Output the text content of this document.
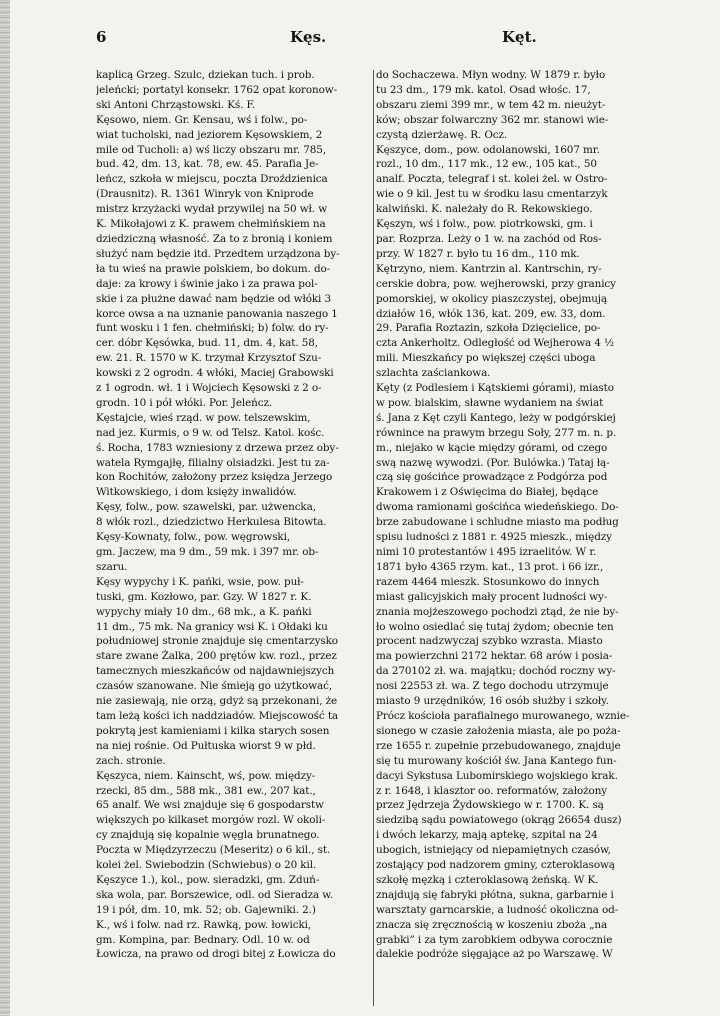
6	Kęs.	Kęt.
kaplicą Grzeg. Szulc, dziekan tuch. i prob.
jeleńcki; portatyl konsekr. 1762 opat koronow-
ski Antoni Chrząstowski. Kś. F.
Kęsowo, niem. Gr. Kensau, wś i folw., po-
wiat tucholski, nad jeziorem Kęsowskiem, 2
mile od Tucholi: a) wś liczy obszaru mr. 785,
bud. 42, dm. 13, kat. 78, ew. 45. Parafia Je-
leńcz, szkoła w miejscu, poczta Droździenica
(Drausnitz). R. 1361 Winryk von Kniprode
mistrz krzyżacki wydał przywilej na 50 wł. w
K. Mikołajowi z K. prawem chełmińskiem na
dziedziczną własność. Za to z bronią i koniem
służyć nam będzie itd. Przedtem urządzona by-
ła tu wieś na prawie polskiem, bo dokum. do-
daje: za krowy i świnie jako i za prawa pol-
skie i za płużne dawać nam będzie od włóki 3
korce owsa a na uznanie panowania naszego 1
funt wosku i 1 fen. chełmiński; b) folw. do ry-
cer. dóbr Kęsówka, bud. 11, dm. 4, kat. 58,
ew. 21. R. 1570 w K. trzymał Krzysztof Szu-
kowski z 2 ogrodn. 4 włóki, Maciej Grabowski
z 1 ogrodn. wł. 1 i Wojciech Kęsowski z 2 o-
grodn. 10 i pół włóki. Por. Jeleńcz.
Kęstajcie, wieś rząd. w pow. telszewskim,
nad jez. Kurmis, o 9 w. od Telsz. Katol. kośc.
ś. Rocha, 1783 wzniesiony z drzewa przez oby-
watela Rymgajłę, filialny olsiadzki. Jest tu za-
kon Rochitów, założony przez księdza Jerzego
Witkowskiego, i dom księży inwalidów.
Kęsy, folw., pow. szawelski, par. użwencka,
8 włók rozl., dziedzictwo Herkulesa Bitowta.
Kęsy-Kownaty, folw., pow. węgrowski,
gm. Jaczew, ma 9 dm., 59 mk. i 397 mr. ob-
szaru.
Kęsy wypychy i K. pańki, wsie, pow. puł-
tuski, gm. Kozłowo, par. Gzy. W 1827 r. K.
wypychy miały 10 dm., 68 mk., a K. pańki
11 dm., 75 mk. Na granicy wsi K. i Ołdaki ku
południowej stronie znajduje się cmentarzysko
stare zwane Żalka, 200 prętów kw. rozl., przez
tamecznych mieszkańców od najdawniejszych
czasów szanowane. Nie śmieją go użytkować,
nie zasiewają, nie orzą, gdyż są przekonani, że
tam leżą kości ich naddziadów. Miejscowość ta
pokrytą jest kamieniami i kilka starych sosen
na niej rośnie. Od Pułtuska wiorst 9 w płd.
zach. stronie.
Kęszyca, niem. Kainscht, wś, pow. między-
rzecki, 85 dm., 588 mk., 381 ew., 207 kat.,
65 analf. We wsi znajduje się 6 gospodarstw
większych po kilkaset morgów rozl. W okoli-
cy znajdują się kopalnie węgla brunatnego.
Poczta w Międzyrzeczu (Meseritz) o 6 kil., st.
kolei żel. Swiebodzin (Schwiebus) o 20 kil.
Kęszyce 1.), kol., pow. sieradzki, gm. Zduń-
ska wola, par. Borszewice, odl. od Sieradza w.
19 i pół, dm. 10, mk. 52; ob. Gajewniki. 2.)
K., wś i folw. nad rz. Rawką, pow. łowicki,
gm. Kompina, par. Bednary. Odl. 10 w. od
Łowicza, na prawo od drogi bitej z Łowicza do
do Sochaczewa. Młyn wodny. W 1879 r. było
tu 23 dm., 179 mk. katol. Osad włośc. 17,
obszaru ziemi 399 mr., w tem 42 m. nieużyt-
ków; obszar folwarczny 362 mr. stanowi wie-
czystą dzierżawę. R. Ocz.
Kęszyce, dom., pow. odolanowski, 1607 mr.
rozl., 10 dm., 117 mk., 12 ew., 105 kat., 50
analf. Poczta, telegraf i st. kolei żel. w Ostro-
wie o 9 kil. Jest tu w środku lasu cmentarzyk
kalwiński. K. należały do R. Rekowskiego.
Kęszyn, wś i folw., pow. piotrkowski, gm. i
par. Rozprza. Leży o 1 w. na zachód od Ros-
przy. W 1827 r. było tu 16 dm., 110 mk.
Kętrzyno, niem. Kantrzin al. Kantrschin, ry-
cerskie dobra, pow. wejherowski, przy granicy
pomorskiej, w okolicy piaszczystej, obejmują
działów 16, włók 136, kat. 209, ew. 33, dom.
29. Parafia Roztazin, szkoła Dzięcielice, po-
czta Ankerholtz. Odległość od Wejherowa 4 ½
mili. Mieszkańcy po większej części uboga
szlachta zaściankowa.
Kęty (z Podlesiem i Kątskiemi górami), miasto
w pow. bialskim, sławne wydaniem na świat
ś. Jana z Kęt czyli Kantego, leży w podgórskiej
równince na prawym brzegu Soły, 277 m. n. p.
m., niejako w kącie między górami, od czego
swą nazwę wywodzi. (Por. Bulówka.) Tataj łą-
czą się gościńce prowadzące z Podgórza pod
Krakowem i z Oświęcima do Białej, będące
dwoma ramionami gościńca wiedeńskiego. Do-
brze zabudowane i schludne miasto ma podług
spisu ludności z 1881 r. 4925 mieszk., między
nimi 10 protestantów i 495 izraelitów. W r.
1871 było 4365 rzym. kat., 13 prot. i 66 izr.,
razem 4464 mieszk. Stosunkowo do innych
miast galicyjskich mały procent ludności wy-
znania mojżeszowego pochodzi ztąd, że nie by-
ło wolno osiedlać się tutaj żydom; obecnie ten
procent nadzwyczaj szybko wzrasta. Miasto
ma powierzchni 2172 hektar. 68 arów i posia-
da 270102 zł. wa. majątku; dochód roczny wy-
nosi 22553 zł. wa. Z tego dochodu utrzymuje
miasto 9 urzędników, 16 osób służby i szkoły.
Prócz kościoła parafialnego murowanego, wznie-
sionego w czasie założenia miasta, ale po poża-
rze 1655 r. zupełnie przebudowanego, znajduje
się tu murowany kościół św. Jana Kantego fun-
dacyi Sykstusa Lubomirskiego wojskiego krak.
z r. 1648, i klasztor oo. reformatów, założony
przez Jędrzeja Żydowskiego w r. 1700. K. są
siedzibą sądu powiatowego (okrąg 26654 dusz)
i dwóch lekarzy, mają aptekę, szpital na 24
ubogich, istniejący od niepamiętnych czasów,
zostający pod nadzorem gminy, czteroklasową
szkołę męzką i czteroklasową żeńską. W K.
znajdują się fabryki płótna, sukna, garbarnie i
warsztaty garncarskie, a ludność okoliczna od-
znacza się zręcznością w koszeniu zboża „na
grabki” i za tym zarobkiem odbywa corocznie
dalekie podróże sięgające aż po Warszawę. W
